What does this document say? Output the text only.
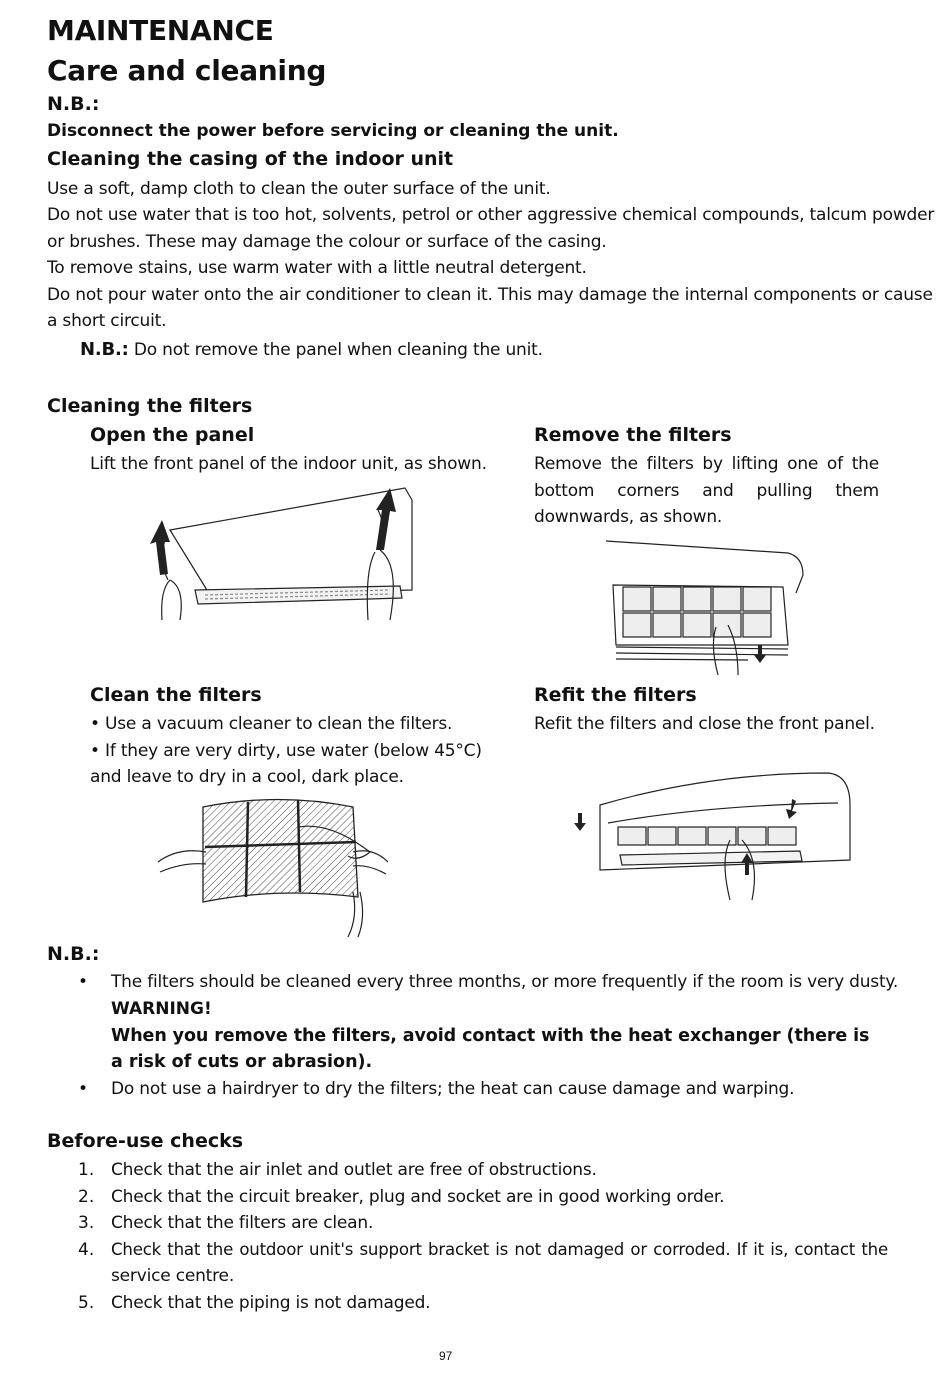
MAINTENANCE
Care and cleaning
N.B.:
Disconnect the power before servicing or cleaning the unit.
Cleaning the casing of the indoor unit
Use a soft, damp cloth to clean the outer surface of the unit.
Do not use water that is too hot, solvents, petrol or other aggressive chemical compounds, talcum powder
or brushes. These may damage the colour or surface of the casing.
To remove stains, use warm water with a little neutral detergent.
Do not pour water onto the air conditioner to clean it. This may damage the internal components or cause
a short circuit.
N.B.: Do not remove the panel when cleaning the unit.
Cleaning the filters
Open the panel
Lift the front panel of the indoor unit, as shown.
Remove the filters
Remove the filters by lifting one of the
bottom corners and pulling them
downwards, as shown.
Clean the filters
• Use a vacuum cleaner to clean the filters.
• If they are very dirty, use water (below 45°C)
and leave to dry in a cool, dark place.
Refit the filters
Refit the filters and close the front panel.
N.B.:
• The filters should be cleaned every three months, or more frequently if the room is very dusty.
WARNING!
When you remove the filters, avoid contact with the heat exchanger (there is
a risk of cuts or abrasion).
• Do not use a hairdryer to dry the filters; the heat can cause damage and warping.
Before-use checks
1. Check that the air inlet and outlet are free of obstructions.
2. Check that the circuit breaker, plug and socket are in good working order.
3. Check that the filters are clean.
4. Check that the outdoor unit's support bracket is not damaged or corroded. If it is, contact the
service centre.
5. Check that the piping is not damaged.
97
